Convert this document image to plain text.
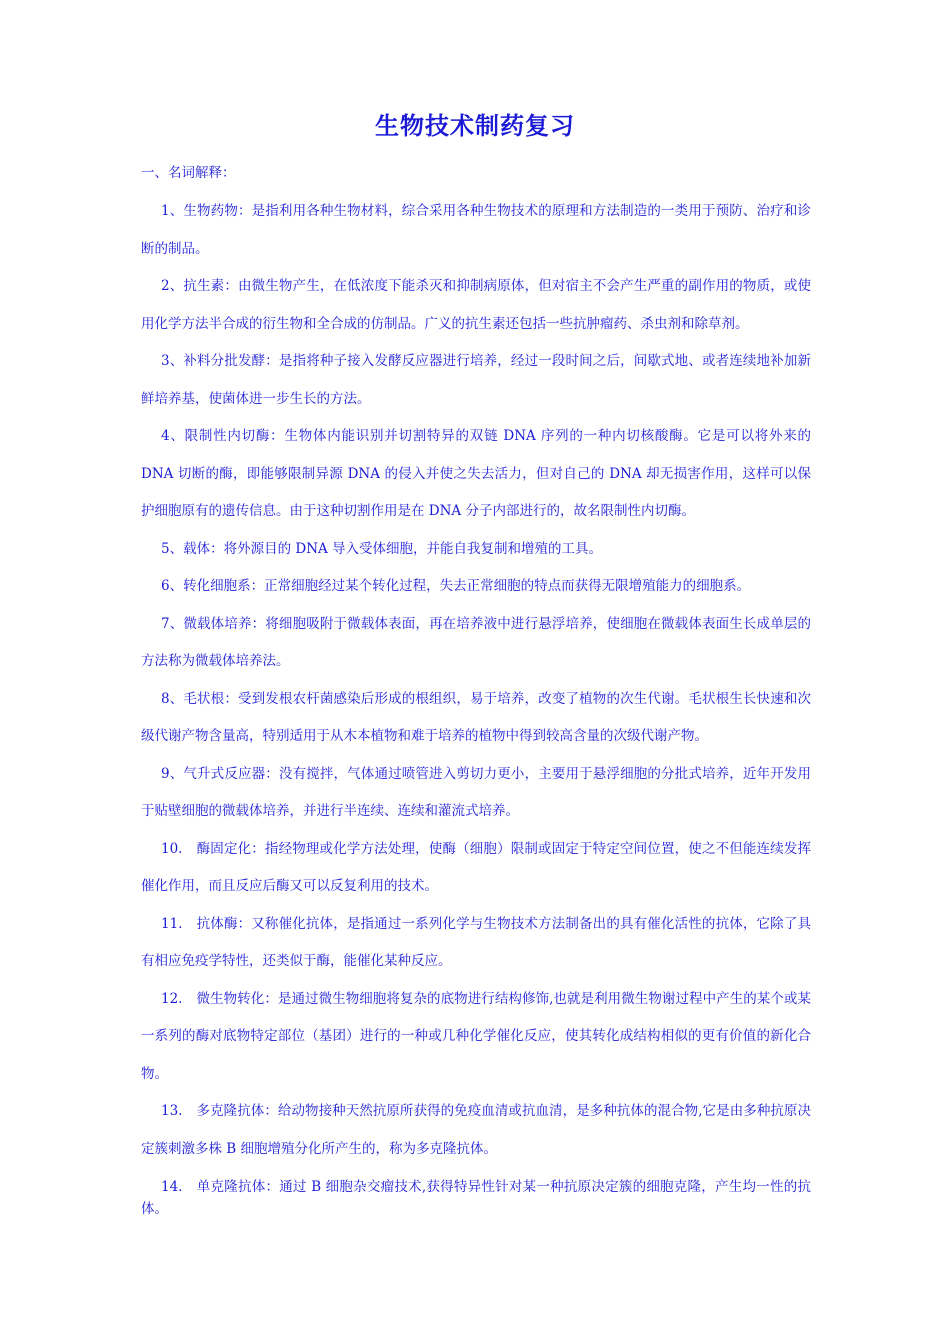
生物技术制药复习
一、名词解释：

1、生物药物：是指利用各种生物材料，综合采用各种生物技术的原理和方法制造的一类用于预防、治疗和诊断的制品。

2、抗生素：由微生物产生，在低浓度下能杀灭和抑制病原体，但对宿主不会产生严重的副作用的物质，或使用化学方法半合成的衍生物和全合成的仿制品。广义的抗生素还包括一些抗肿瘤药、杀虫剂和除草剂。

3、补料分批发酵：是指将种子接入发酵反应器进行培养，经过一段时间之后，间歇式地、或者连续地补加新鲜培养基，使菌体进一步生长的方法。

4、限制性内切酶：生物体内能识别并切割特异的双链 DNA 序列的一种内切核酸酶。它是可以将外来的 DNA 切断的酶，即能够限制异源 DNA 的侵入并使之失去活力，但对自己的 DNA 却无损害作用，这样可以保护细胞原有的遗传信息。由于这种切割作用是在 DNA 分子内部进行的，故名限制性内切酶。

5、载体：将外源目的 DNA 导入受体细胞，并能自我复制和增殖的工具。

6、转化细胞系：正常细胞经过某个转化过程，失去正常细胞的特点而获得无限增殖能力的细胞系。

7、微载体培养：将细胞吸附于微载体表面，再在培养液中进行悬浮培养，使细胞在微载体表面生长成单层的方法称为微载体培养法。

8、毛状根：受到发根农杆菌感染后形成的根组织，易于培养，改变了植物的次生代谢。毛状根生长快速和次级代谢产物含量高，特别适用于从木本植物和难于培养的植物中得到较高含量的次级代谢产物。

9、气升式反应器：没有搅拌，气体通过喷管进入剪切力更小，主要用于悬浮细胞的分批式培养，近年开发用于贴壁细胞的微载体培养，并进行半连续、连续和灌流式培养。

10. 酶固定化：指经物理或化学方法处理，使酶（细胞）限制或固定于特定空间位置，使之不但能连续发挥催化作用，而且反应后酶又可以反复利用的技术。

11. 抗体酶：又称催化抗体，是指通过一系列化学与生物技术方法制备出的具有催化活性的抗体，它除了具有相应免疫学特性，还类似于酶，能催化某种反应。

12. 微生物转化：是通过微生物细胞将复杂的底物进行结构修饰,也就是利用微生物谢过程中产生的某个或某一系列的酶对底物特定部位（基团）进行的一种或几种化学催化反应，使其转化成结构相似的更有价值的新化合物。

13. 多克隆抗体：给动物接种天然抗原所获得的免疫血清或抗血清，是多种抗体的混合物,它是由多种抗原决定簇刺激多株 B 细胞增殖分化所产生的，称为多克隆抗体。

14. 单克隆抗体：通过 B 细胞杂交瘤技术,获得特异性针对某一种抗原决定簇的细胞克隆，产生均一性的抗体。
